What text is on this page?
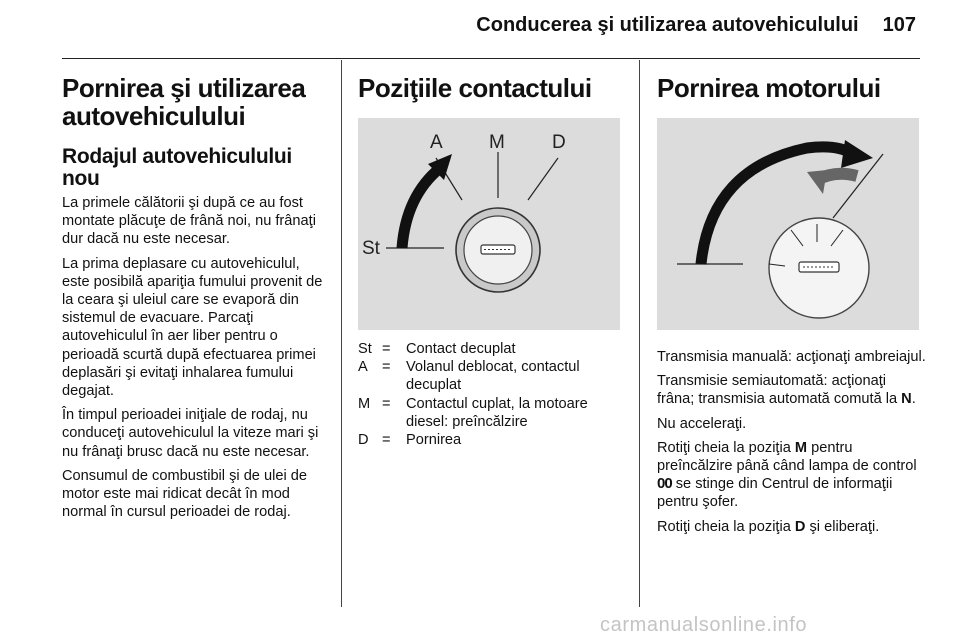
Conducerea şi utilizarea autovehiculului 107
Pornirea şi utilizarea autovehiculului
Rodajul autovehiculului nou

La primele călătorii şi după ce au fost montate plăcuţe de frână noi, nu frânaţi dur dacă nu este necesar.

La prima deplasare cu autovehiculul, este posibilă apariţia fumului provenit de la ceara şi uleiul care se evaporă din sistemul de evacuare. Parcaţi autovehiculul în aer liber pentru o perioadă scurtă după efectuarea primei deplasări şi evitaţi inhalarea fumului degajat.

În timpul perioadei iniţiale de rodaj, nu conduceţi autovehiculul la viteze mari şi nu frânaţi brusc dacă nu este necesar.

Consumul de combustibil şi de ulei de motor este mai ridicat decât în mod normal în cursul perioadei de rodaj.

Poziţiile contactului
A M D
St
St =	Contact decuplat
A =	Volanul deblocat, contactul decuplat
M =	Contactul cuplat, la motoare diesel: preîncălzire
D =	Pornirea
Pornirea motorului

Transmisia manuală: acţionaţi ambreiajul.

Transmisie semiautomată: acţionaţi frâna; transmisia automată comută la N.

Nu acceleraţi.

Rotiţi cheia la poziţia M pentru preîncălzire până când lampa de control 00 se stinge din Centrul de informaţii pentru şofer.

Rotiţi cheia la poziţia D şi eliberaţi.

carmanualsonline.info
